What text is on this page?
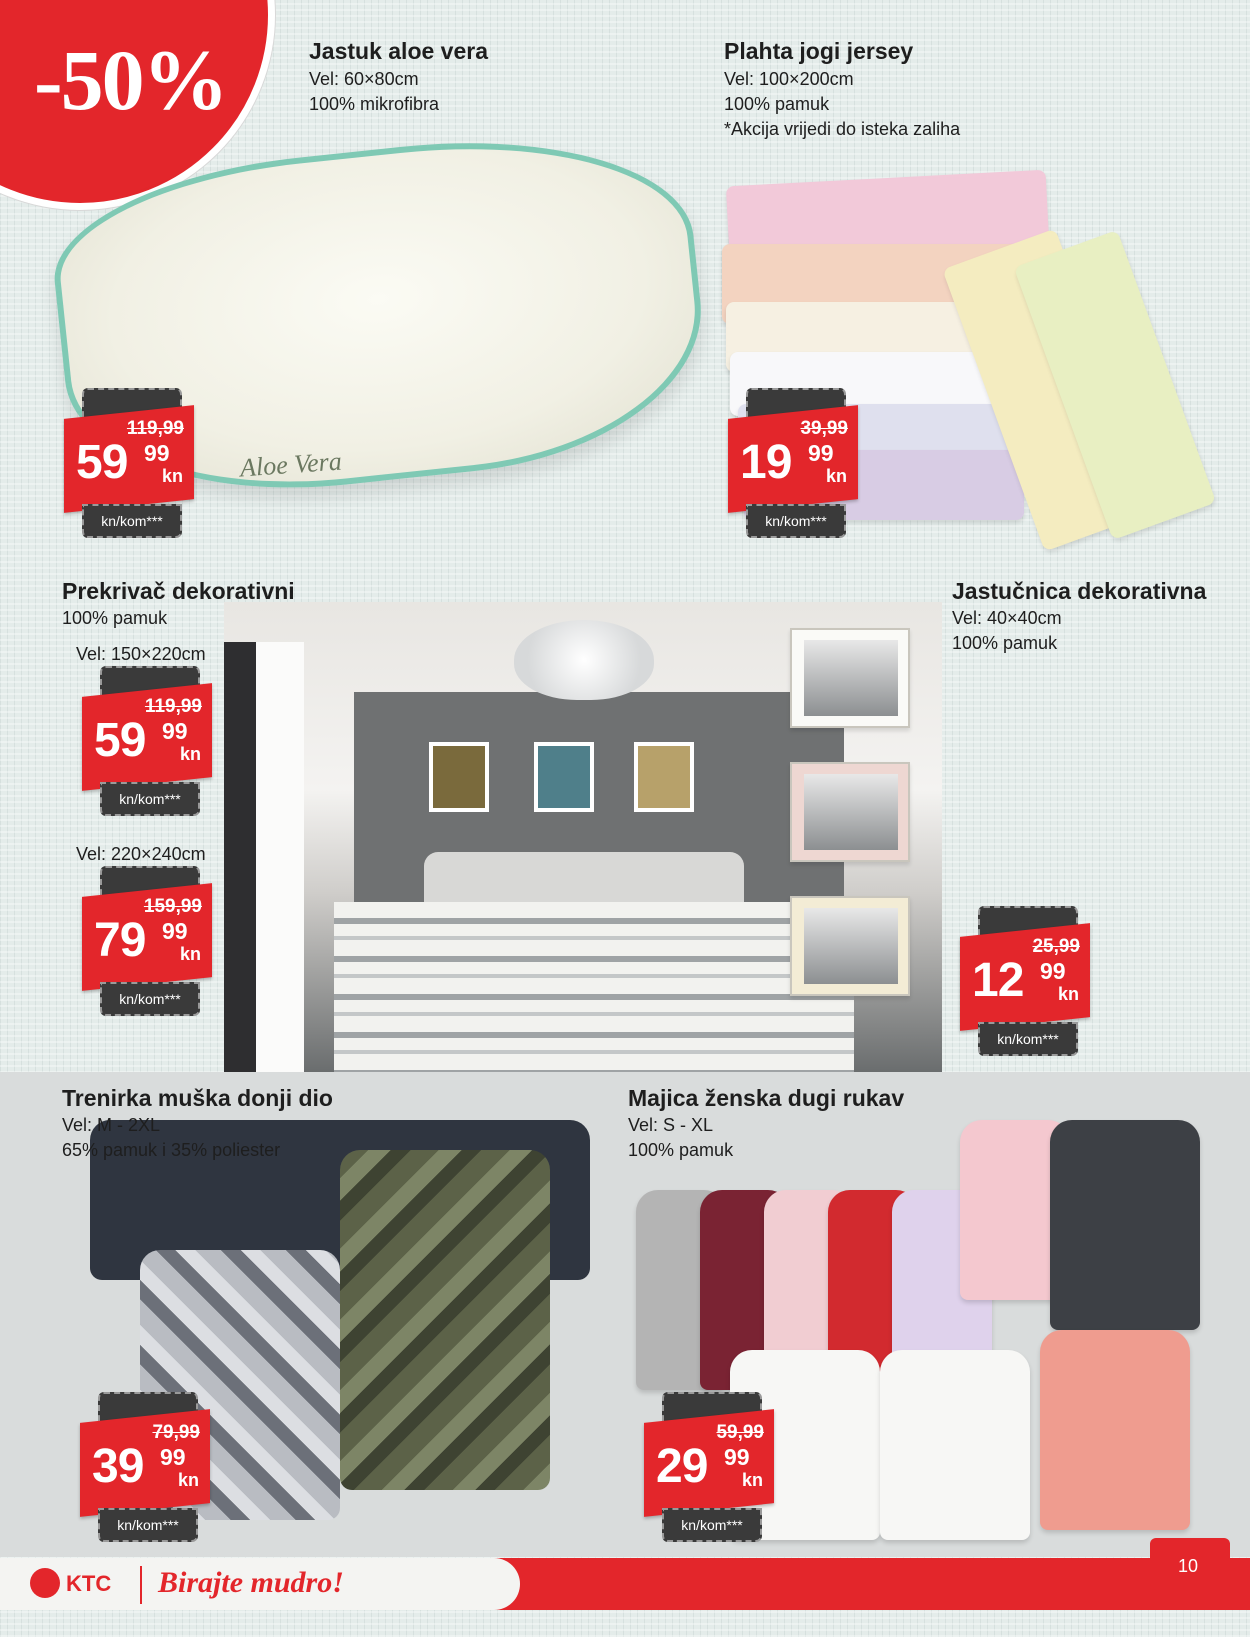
-50%
Aloe Vera
Jastuk aloe vera
Vel: 60×80cm
100% mikrofibra
119,99
59 99
kn
kn/kom***
Plahta jogi jersey
Vel: 100×200cm
100% pamuk
*Akcija vrijedi do isteka zaliha
39,99
19 99
kn
kn/kom***
Prekrivač dekorativni
100% pamuk
Vel: 150×220cm
119,99
59 99
kn
kn/kom***
Vel: 220×240cm
159,99
79 99
kn
kn/kom***
Jastučnica dekorativna
Vel: 40×40cm
100% pamuk
25,99
12 99
kn
kn/kom***
Trenirka muška donji dio
Vel: M - 2XL
65% pamuk i 35% poliester
79,99
39 99
kn
kn/kom***
Majica ženska dugi rukav
Vel: S - XL
100% pamuk
59,99
29 99
kn
kn/kom***
KTC Birajte mudro!	10
